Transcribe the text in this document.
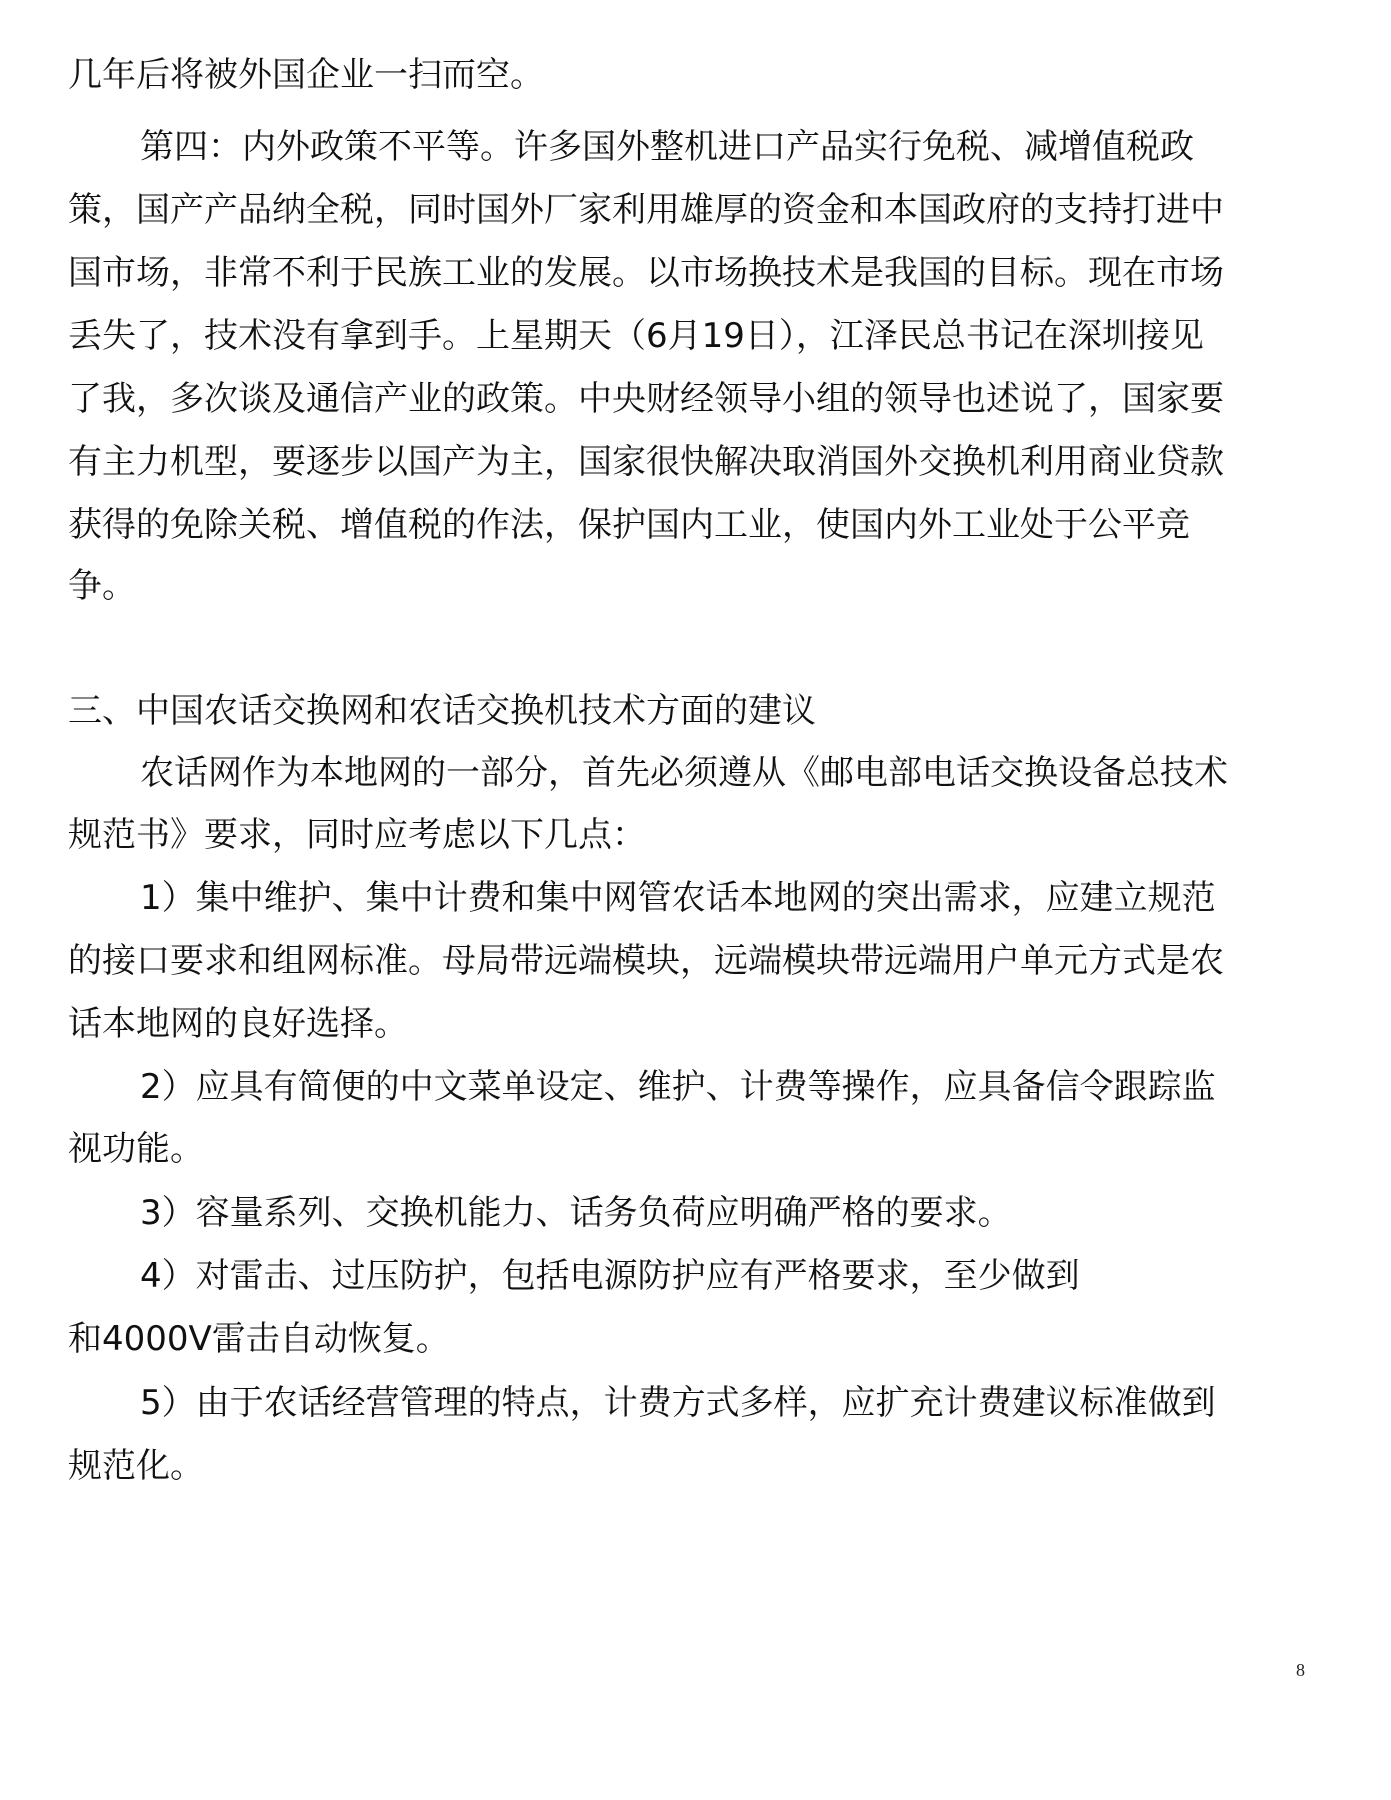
几年后将被外国企业一扫而空。
第四：内外政策不平等。许多国外整机进口产品实行免税、减增值税政
策，国产产品纳全税，同时国外厂家利用雄厚的资金和本国政府的支持打进中
国市场，非常不利于民族工业的发展。以市场换技术是我国的目标。现在市场
丢失了，技术没有拿到手。上星期天（6月19日），江泽民总书记在深圳接见
了我，多次谈及通信产业的政策。中央财经领导小组的领导也述说了，国家要
有主力机型，要逐步以国产为主，国家很快解决取消国外交换机利用商业贷款
获得的免除关税、增值税的作法，保护国内工业，使国内外工业处于公平竞
争。
三、中国农话交换网和农话交换机技术方面的建议
农话网作为本地网的一部分，首先必须遵从《邮电部电话交换设备总技术
规范书》要求，同时应考虑以下几点：
1）集中维护、集中计费和集中网管农话本地网的突出需求，应建立规范
的接口要求和组网标准。母局带远端模块，远端模块带远端用户单元方式是农
话本地网的良好选择。
2）应具有简便的中文菜单设定、维护、计费等操作，应具备信令跟踪监
视功能。
3）容量系列、交换机能力、话务负荷应明确严格的要求。
4）对雷击、过压防护，包括电源防护应有严格要求，至少做到
和4000V雷击自动恢复。
5）由于农话经营管理的特点，计费方式多样，应扩充计费建议标准做到
规范化。
8
